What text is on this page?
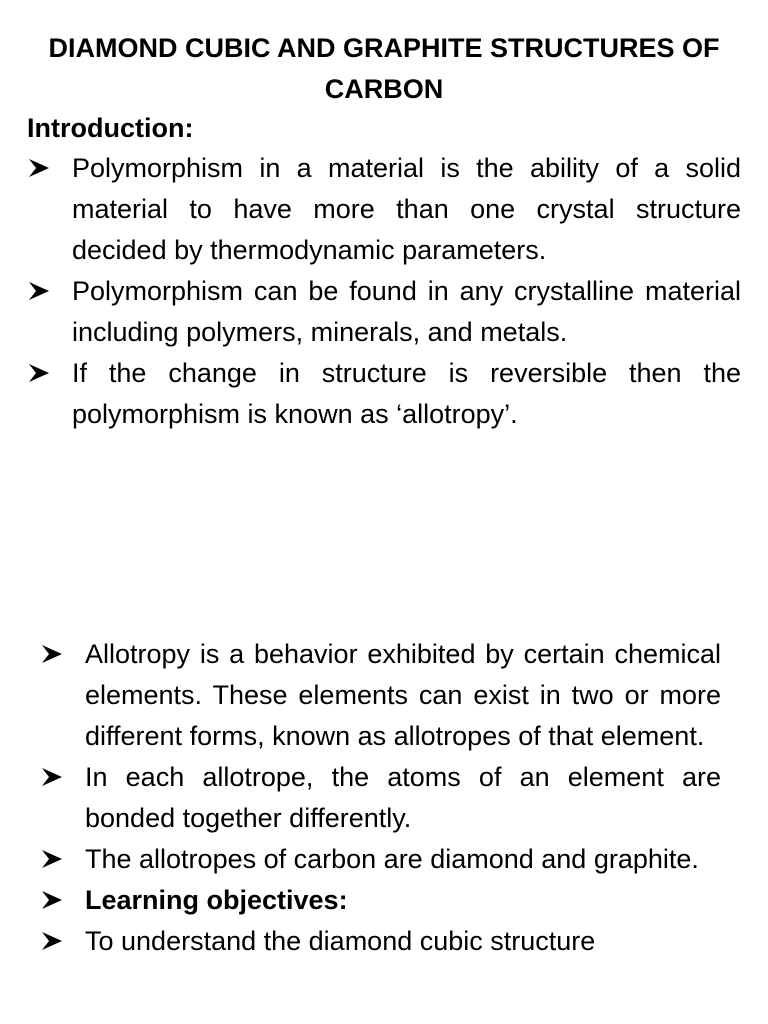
DIAMOND CUBIC AND GRAPHITE STRUCTURES OF
CARBON
Introduction:
Polymorphism in a material is the ability of a solid material to have more than one crystal structure decided by thermodynamic parameters.
Polymorphism can be found in any crystalline material including polymers, minerals, and metals.
If the change in structure is reversible then the polymorphism is known as ‘allotropy’.
Allotropy is a behavior exhibited by certain chemical elements. These elements can exist in two or more different forms, known as allotropes of that element.
In each allotrope, the atoms of an element are bonded together differently.
The allotropes of carbon are diamond and graphite.
Learning objectives:
To understand the diamond cubic structure
